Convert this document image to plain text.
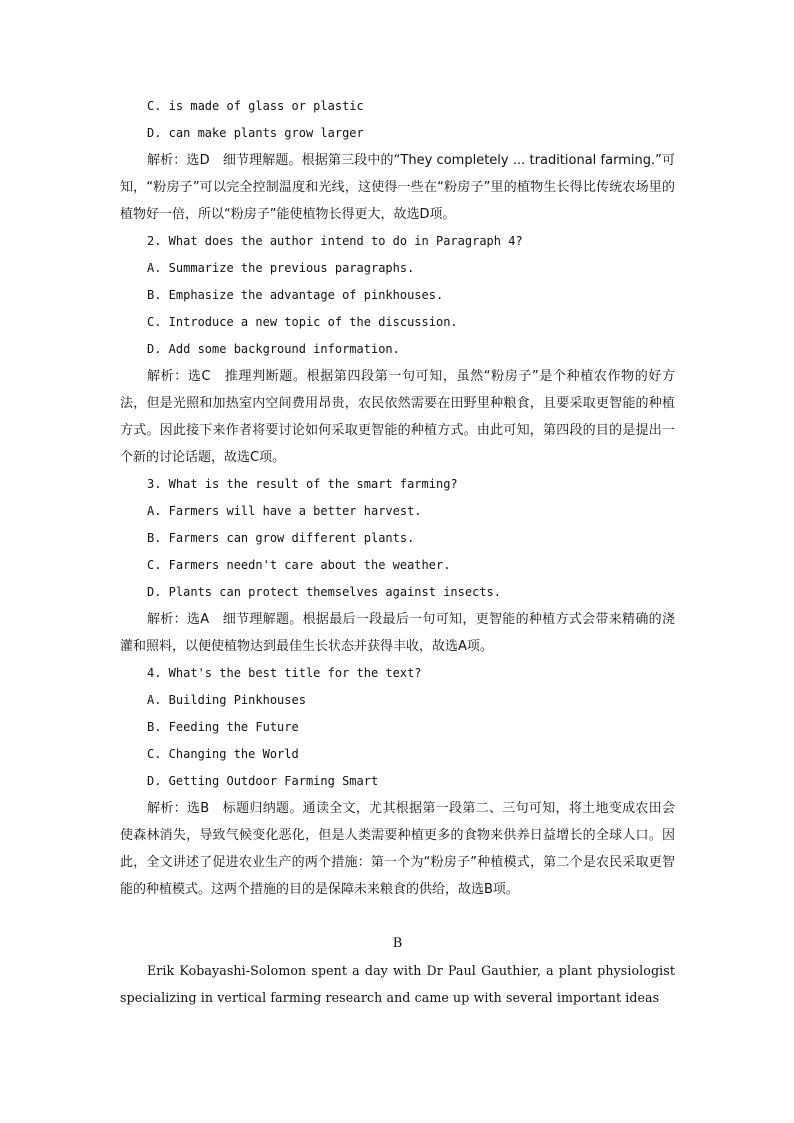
C. is made of glass or plastic
D. can make plants grow larger

解析：选D　细节理解题。根据第三段中的“They completely ... traditional farming.”可知，“粉房子”可以完全控制温度和光线，这使得一些在“粉房子”里的植物生长得比传统农场里的植物好一倍，所以“粉房子”能使植物长得更大，故选D项。

2. What does the author intend to do in Paragraph 4?
A. Summarize the previous paragraphs.
B. Emphasize the advantage of pinkhouses.
C. Introduce a new topic of the discussion.
D. Add some background information.

解析：选C　推理判断题。根据第四段第一句可知，虽然“粉房子”是个种植农作物的好方法，但是光照和加热室内空间费用昂贵，农民依然需要在田野里种粮食，且要采取更智能的种植方式。因此接下来作者将要讨论如何采取更智能的种植方式。由此可知，第四段的目的是提出一个新的讨论话题，故选C项。

3. What is the result of the smart farming?
A. Farmers will have a better harvest.
B. Farmers can grow different plants.
C. Farmers needn't care about the weather.
D. Plants can protect themselves against insects.

解析：选A　细节理解题。根据最后一段最后一句可知，更智能的种植方式会带来精确的浇灌和照料，以便使植物达到最佳生长状态并获得丰收，故选A项。

4. What's the best title for the text?
A. Building Pinkhouses
B. Feeding the Future
C. Changing the World
D. Getting Outdoor Farming Smart

解析：选B　标题归纳题。通读全文，尤其根据第一段第二、三句可知，将土地变成农田会使森林消失，导致气候变化恶化，但是人类需要种植更多的食物来供养日益增长的全球人口。因此，全文讲述了促进农业生产的两个措施：第一个为“粉房子”种植模式，第二个是农民采取更智能的种植模式。这两个措施的目的是保障未来粮食的供给，故选B项。

B

Erik Kobayashi-Solomon spent a day with Dr Paul Gauthier, a plant physiologist specializing in vertical farming research and came up with several important ideas
